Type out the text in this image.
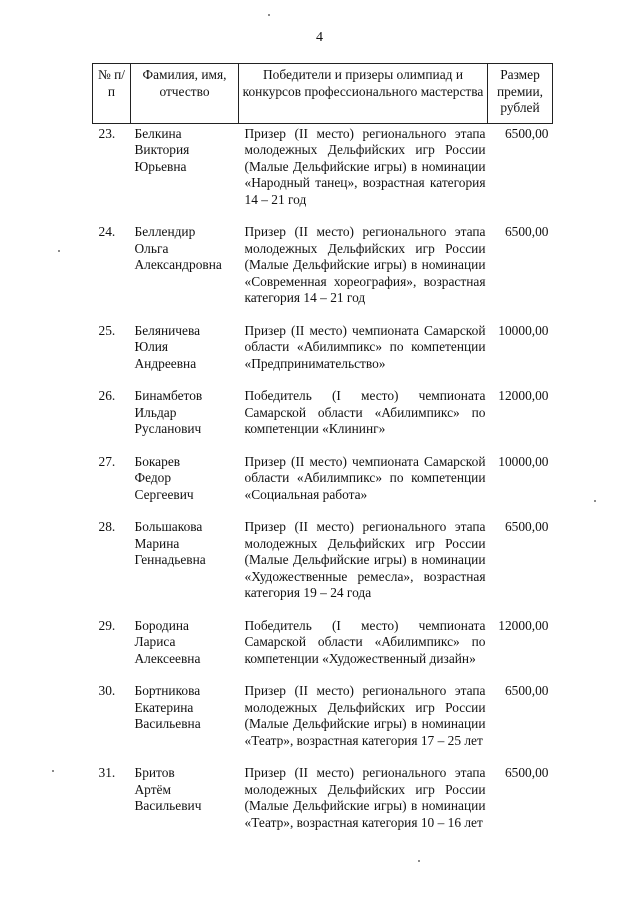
4
№ п/п	Фамилия, имя, отчество	Победители и призеры олимпиад и конкурсов профессионального мастерства	Размер премии, рублей
23.	Белкина
Виктория
Юрьевна	Призер (II место) регионального этапа молодежных Дельфийских игр России (Малые Дельфийские игры) в номинации «Народный танец», возрастная категория 14 – 21 год	6500,00
24.	Беллендир
Ольга
Александровна	Призер (II место) регионального этапа молодежных Дельфийских игр России (Малые Дельфийские игры) в номинации «Современная хореография», возрастная категория 14 – 21 год	6500,00
25.	Беляничева
Юлия
Андреевна	Призер (II место) чемпионата Самарской области «Абилимпикс» по компетенции «Предпринимательство»	10000,00
26.	Бинамбетов
Ильдар
Русланович	Победитель (I место) чемпионата Самарской области «Абилимпикс» по компетенции «Клининг»	12000,00
27.	Бокарев
Федор
Сергеевич	Призер (II место) чемпионата Самарской области «Абилимпикс» по компетенции «Социальная работа»	10000,00
28.	Большакова
Марина
Геннадьевна	Призер (II место) регионального этапа молодежных Дельфийских игр России (Малые Дельфийские игры) в номинации «Художественные ремесла», возрастная категория 19 – 24 года	6500,00
29.	Бородина
Лариса
Алексеевна	Победитель (I место) чемпионата Самарской области «Абилимпикс» по компетенции «Художественный дизайн»	12000,00
30.	Бортникова
Екатерина
Васильевна	Призер (II место) регионального этапа молодежных Дельфийских игр России (Малые Дельфийские игры) в номинации «Театр», возрастная категория 17 – 25 лет	6500,00
31.	Бритов
Артём
Васильевич	Призер (II место) регионального этапа молодежных Дельфийских игр России (Малые Дельфийские игры) в номинации «Театр», возрастная категория 10 – 16 лет	6500,00
